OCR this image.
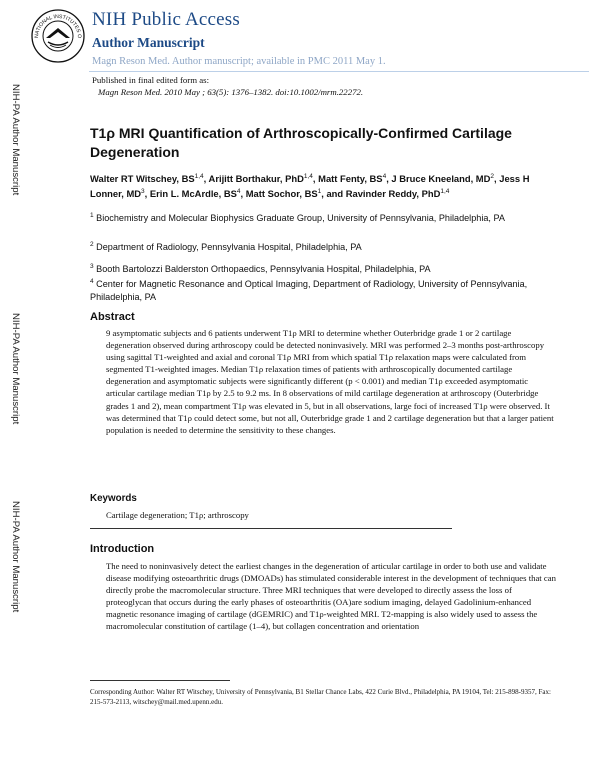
NATIONAL INSTITUTES O
NIH Public Access
Author Manuscript
Magn Reson Med. Author manuscript; available in PMC 2011 May 1.
Published in final edited form as:
Magn Reson Med. 2010 May ; 63(5): 1376–1382. doi:10.1002/mrm.22272.
NIH-PA Author Manuscript
NIH-PA Author Manuscript
NIH-PA Author Manuscript
T1ρ MRI Quantification of Arthroscopically-Confirmed Cartilage Degeneration
Walter RT Witschey, BS$^{1,4}$, Arijitt Borthakur, PhD$^{1,4}$, Matt Fenty, $BS^4$, J Bruce Kneeland, $MD^2$, Jess H Lonner, $MD^3$, Erin L. McArdle, $BS^4$, Matt Sochor, $BS^1$, and Ravinder Reddy, PhD$^{1,4}$
$^1$ Biochemistry and Molecular Biophysics Graduate Group, University of Pennsylvania, Philadelphia, PA
$^2$ Department of Radiology, Pennsylvania Hospital, Philadelphia, PA
$^3$ Booth Bartolozzi Balderston Orthopaedics, Pennsylvania Hospital, Philadelphia, PA
$^4$ Center for Magnetic Resonance and Optical Imaging, Department of Radiology, University of Pennsylvania, Philadelphia, PA
Abstract
9 asymptomatic subjects and 6 patients underwent T1ρ MRI to determine whether Outerbridge grade 1 or 2 cartilage degeneration observed during arthroscopy could be detected noninvasively. MRI was performed 2–3 months post-arthroscopy using sagittal T1-weighted and axial and coronal T1ρ MRI from which spatial T1ρ relaxation maps were calculated from segmented T1-weighted images. Median T1ρ relaxation times of patients with arthroscopically documented cartilage degeneration and asymptomatic subjects were significantly different (p < 0.001) and median T1ρ exceeded asymptomatic articular cartilage median T1ρ by 2.5 to 9.2 ms. In 8 observations of mild cartilage degeneration at arthroscopy (Outerbridge grades 1 and 2), mean compartment T1ρ was elevated in 5, but in all observations, large foci of increased T1ρ were observed. It was determined that T1ρ could detect some, but not all, Outerbridge grade 1 and 2 cartilage degeneration but that a larger patient population is needed to determine the sensitivity to these changes.
Keywords
Cartilage degeneration; T1ρ; arthroscopy
Introduction
The need to noninvasively detect the earliest changes in the degeneration of articular cartilage in order to both use and validate disease modifying osteoarthritic drugs (DMOADs) has stimulated considerable interest in the development of techniques that can directly probe the macromolecular structure. Three MRI techniques that were developed to directly assess the loss of proteoglycan that occurs during the early phases of osteoarthritis (OA)are sodium imaging, delayed Gadolinium-enhanced magnetic resonance imaging of cartilage (dGEMRIC) and T1ρ-weighted MRI. T2-mapping is also widely used to assess the macromolecular constitution of cartilage (1–4), but collagen concentration and orientation
Corresponding Author: Walter RT Witschey, University of Pennsylvania, B1 Stellar Chance Labs, 422 Curie Blvd., Philadelphia, PA 19104, Tel: 215-898-9357, Fax: 215-573-2113, witschey@mail.med.upenn.edu.
